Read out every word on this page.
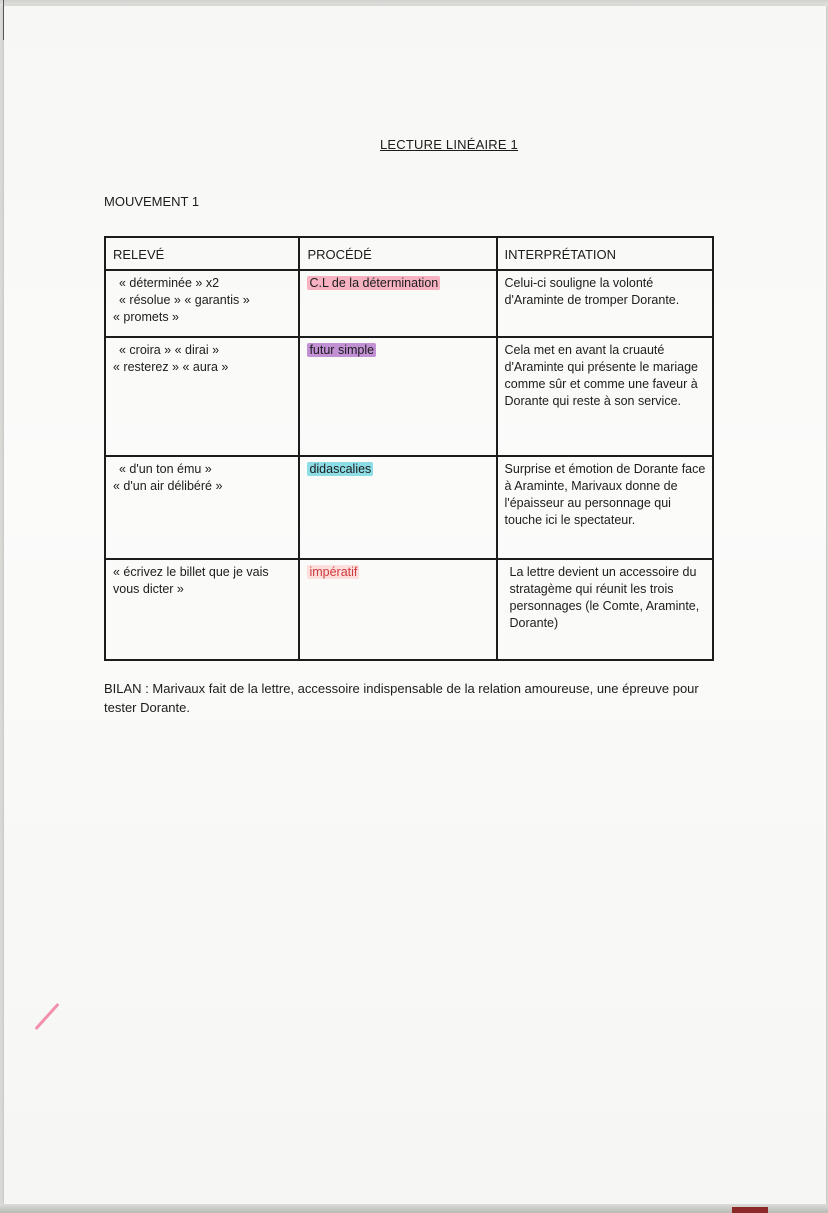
LECTURE LINÉAIRE 1
MOUVEMENT 1
RELEVÉ	PROCÉDÉ	INTERPRÉTATION

« déterminée » x2
« résolue » « garantis »
« promets »	C.L de la détermination	Celui-ci souligne la volonté d'Araminte de tromper Dorante.

« croira » « dirai »
« resterez » « aura »	futur simple	Cela met en avant la cruauté d'Araminte qui présente le mariage comme sûr et comme une faveur à Dorante qui reste à son service.

« d'un ton ému »
« d'un air délibéré »	didascalies	Surprise et émotion de Dorante face à Araminte, Marivaux donne de l'épaisseur au personnage qui touche ici le spectateur.

« écrivez le billet que je vais vous dicter »	impératif	La lettre devient un accessoire du stratagème qui réunit les trois personnages (le Comte, Araminte, Dorante)
BILAN : Marivaux fait de la lettre, accessoire indispensable de la relation amoureuse, une épreuve pour tester Dorante.
